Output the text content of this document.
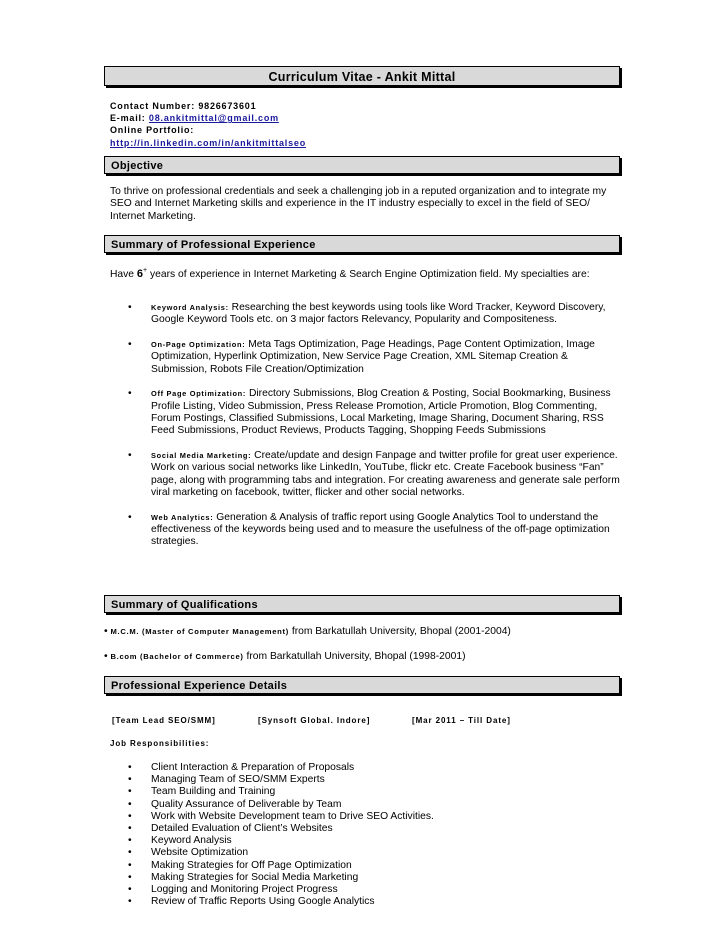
Curriculum Vitae - Ankit Mittal
Contact Number: 9826673601
E-mail: 08.ankitmittal@gmail.com
Online Portfolio:
http://in.linkedin.com/in/ankitmittalseo
Objective
To thrive on professional credentials and seek a challenging job in a reputed organization and to integrate my SEO and Internet Marketing skills and experience in the IT industry especially to excel in the field of SEO/ Internet Marketing.
Summary of Professional Experience
Have 6+ years of experience in Internet Marketing & Search Engine Optimization field. My specialties are:
•	Keyword Analysis: Researching the best keywords using tools like Word Tracker, Keyword Discovery, Google Keyword Tools etc. on 3 major factors Relevancy, Popularity and Compositeness.
•	On-Page Optimization: Meta Tags Optimization, Page Headings, Page Content Optimization, Image Optimization, Hyperlink Optimization, New Service Page Creation, XML Sitemap Creation & Submission, Robots File Creation/Optimization
•	Off Page Optimization: Directory Submissions, Blog Creation & Posting, Social Bookmarking, Business Profile Listing, Video Submission, Press Release Promotion, Article Promotion, Blog Commenting, Forum Postings, Classified Submissions, Local Marketing, Image Sharing, Document Sharing, RSS Feed Submissions, Product Reviews, Products Tagging, Shopping Feeds Submissions
•	Social Media Marketing: Create/update and design Fanpage and twitter profile for great user experience. Work on various social networks like LinkedIn, YouTube, flickr etc. Create Facebook business “Fan” page, along with programming tabs and integration. For creating awareness and generate sale perform viral marketing on facebook, twitter, flicker and other social networks.
•	Web Analytics: Generation & Analysis of traffic report using Google Analytics Tool to understand the effectiveness of the keywords being used and to measure the usefulness of the off-page optimization strategies.
Summary of Qualifications
• M.C.M. (Master of Computer Management) from Barkatullah University, Bhopal (2001-2004)
• B.com (Bachelor of Commerce) from Barkatullah University, Bhopal (1998-2001)
Professional Experience Details
[Team Lead SEO/SMM]	[Synsoft Global. Indore]	[Mar 2011 – Till Date]
Job Responsibilities:
• Client Interaction & Preparation of Proposals
• Managing Team of SEO/SMM Experts
• Team Building and Training
• Quality Assurance of Deliverable by Team
• Work with Website Development team to Drive SEO Activities.
• Detailed Evaluation of Client’s Websites
• Keyword Analysis
• Website Optimization
• Making Strategies for Off Page Optimization
• Making Strategies for Social Media Marketing
• Logging and Monitoring Project Progress
• Review of Traffic Reports Using Google Analytics
